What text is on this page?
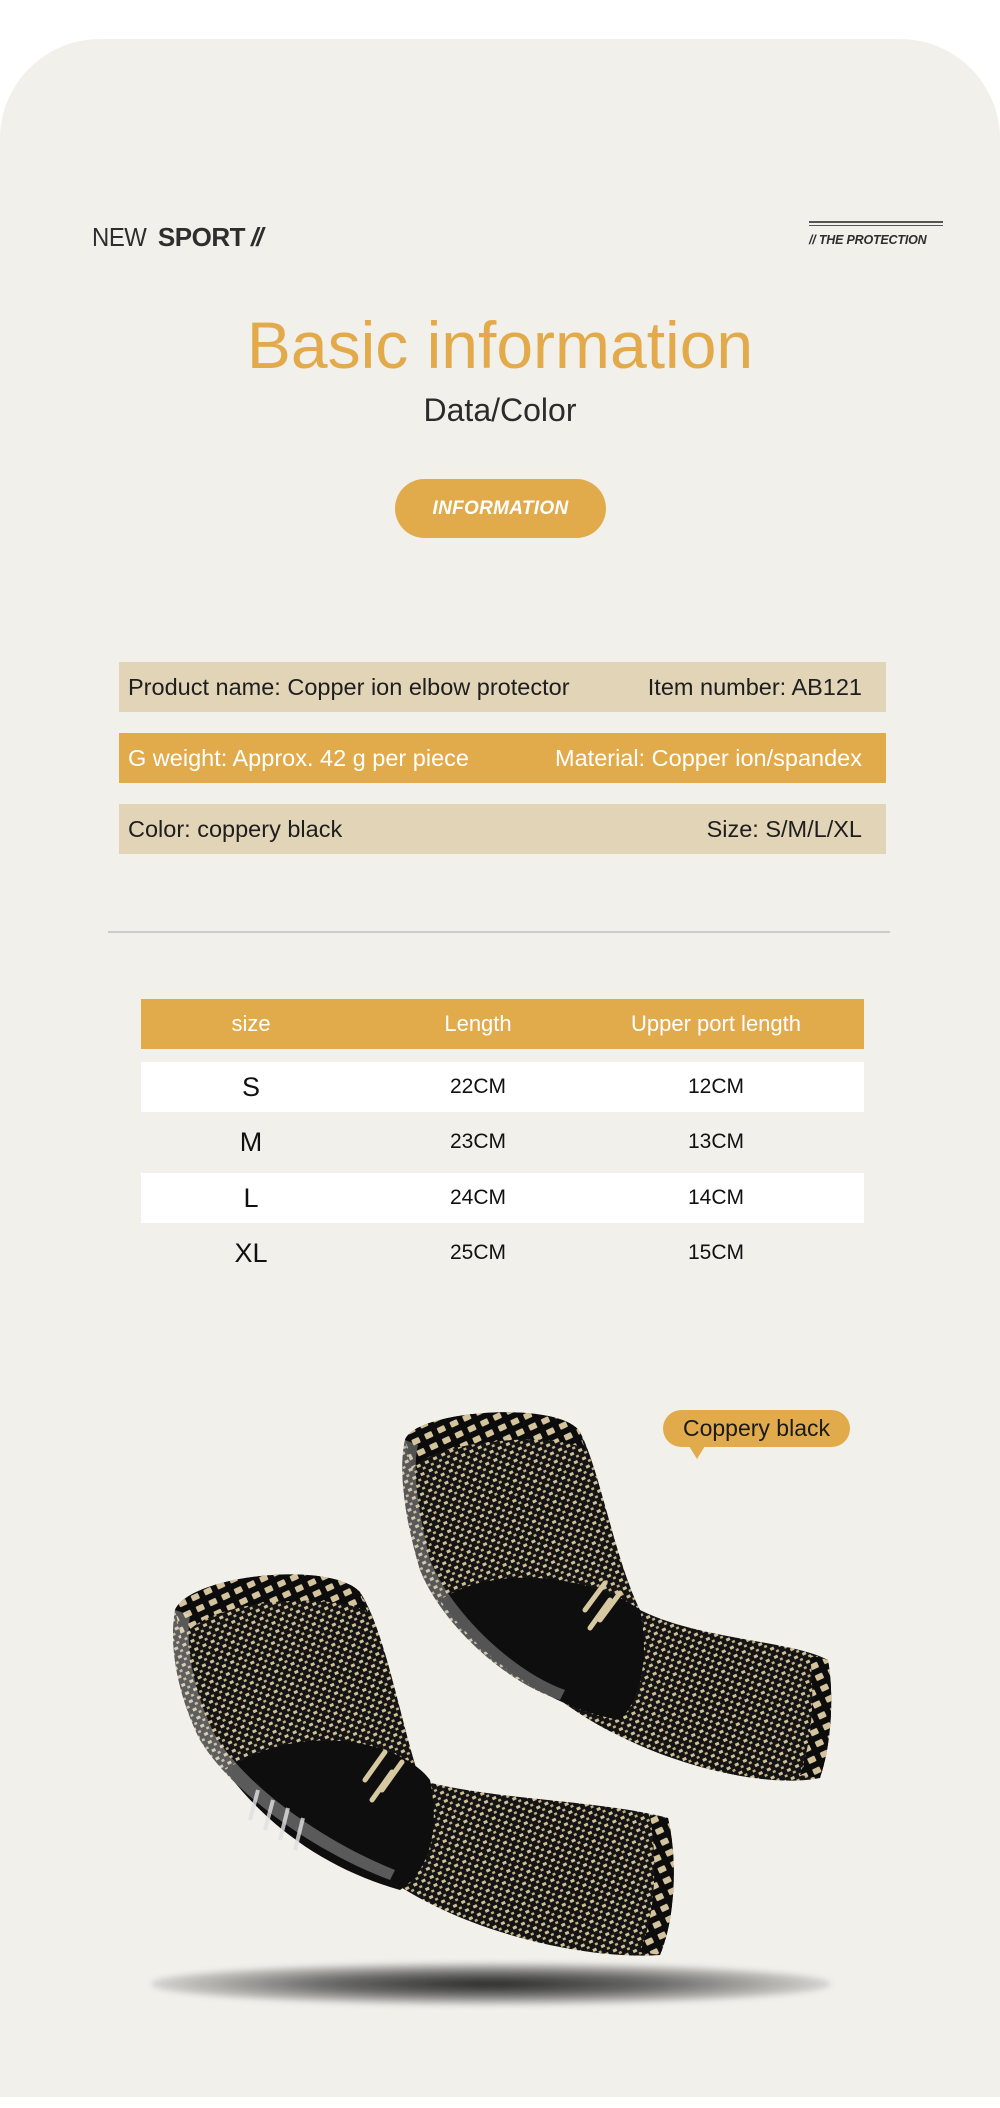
NEW SPORT //	// THE PROTECTION
Basic information
Data/Color
INFORMATION
Product name: Copper ion elbow protector	Item number: AB121
G weight: Approx. 42 g per piece	Material: Copper ion/spandex
Color: coppery black	Size: S/M/L/XL
size	Length	Upper port length
S	22CM	12CM
M	23CM	13CM
L	24CM	14CM
XL	25CM	15CM
Coppery black
